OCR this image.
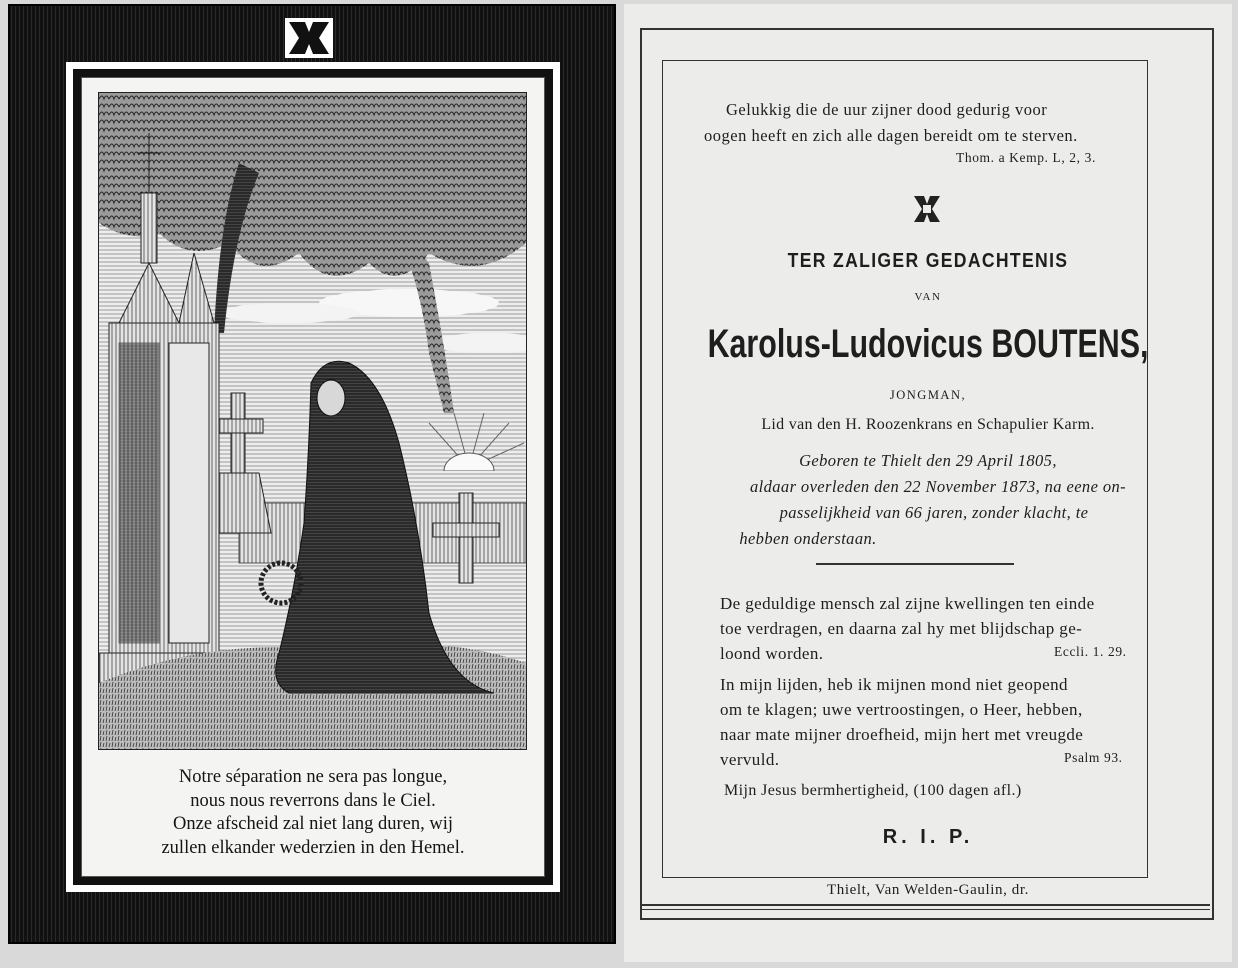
Notre séparation ne sera pas longue,
nous nous reverrons dans le Ciel.
Onze afscheid zal niet lang duren, wij
zullen elkander wederzien in den Hemel.
Gelukkig die de uur zijner dood gedurig voor
oogen heeft en zich alle dagen bereidt om te sterven.
Thom. a Kemp. L, 2, 3.
TER ZALIGER GEDACHTENIS
VAN
Karolus-Ludovicus BOUTENS,
JONGMAN,
Lid van den H. Roozenkrans en Schapulier Karm.
Geboren te Thielt den 29 April 1805,
aldaar overleden den 22 November 1873, na eene on-
passelijkheid van 66 jaren, zonder klacht, te
hebben onderstaan.
De geduldige mensch zal zijne kwellingen ten einde
toe verdragen, en daarna zal hy met blijdschap ge-
loond worden.	Eccli. 1. 29.
In mijn lijden, heb ik mijnen mond niet geopend
om te klagen; uwe vertroostingen, o Heer, hebben,
naar mate mijner droefheid, mijn hert met vreugde
vervuld.	Psalm 93.
Mijn Jesus bermhertigheid, (100 dagen afl.)
R. I. P.
Thielt, Van Welden-Gaulin, dr.
